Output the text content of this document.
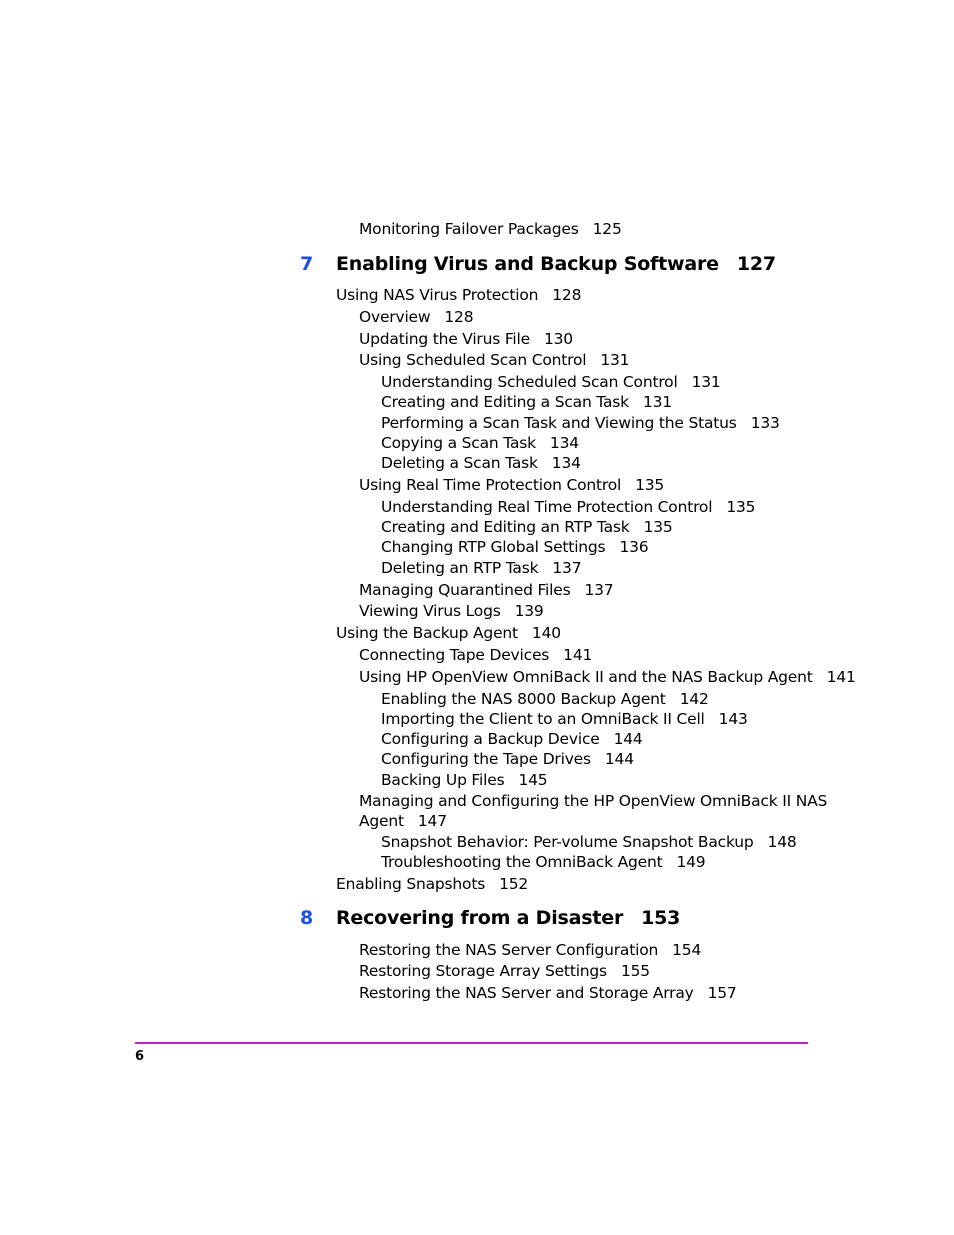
Monitoring Failover Packages 125
7 Enabling Virus and Backup Software 127
Using NAS Virus Protection 128
Overview 128
Updating the Virus File 130
Using Scheduled Scan Control 131
Understanding Scheduled Scan Control 131
Creating and Editing a Scan Task 131
Performing a Scan Task and Viewing the Status 133
Copying a Scan Task 134
Deleting a Scan Task 134
Using Real Time Protection Control 135
Understanding Real Time Protection Control 135
Creating and Editing an RTP Task 135
Changing RTP Global Settings 136
Deleting an RTP Task 137
Managing Quarantined Files 137
Viewing Virus Logs 139
Using the Backup Agent 140
Connecting Tape Devices 141
Using HP OpenView OmniBack II and the NAS Backup Agent 141
Enabling the NAS 8000 Backup Agent 142
Importing the Client to an OmniBack II Cell 143
Configuring a Backup Device 144
Configuring the Tape Drives 144
Backing Up Files 145
Managing and Configuring the HP OpenView OmniBack II NAS
Agent 147
Snapshot Behavior: Per-volume Snapshot Backup 148
Troubleshooting the OmniBack Agent 149
Enabling Snapshots 152
8 Recovering from a Disaster 153
Restoring the NAS Server Configuration 154
Restoring Storage Array Settings 155
Restoring the NAS Server and Storage Array 157
6
